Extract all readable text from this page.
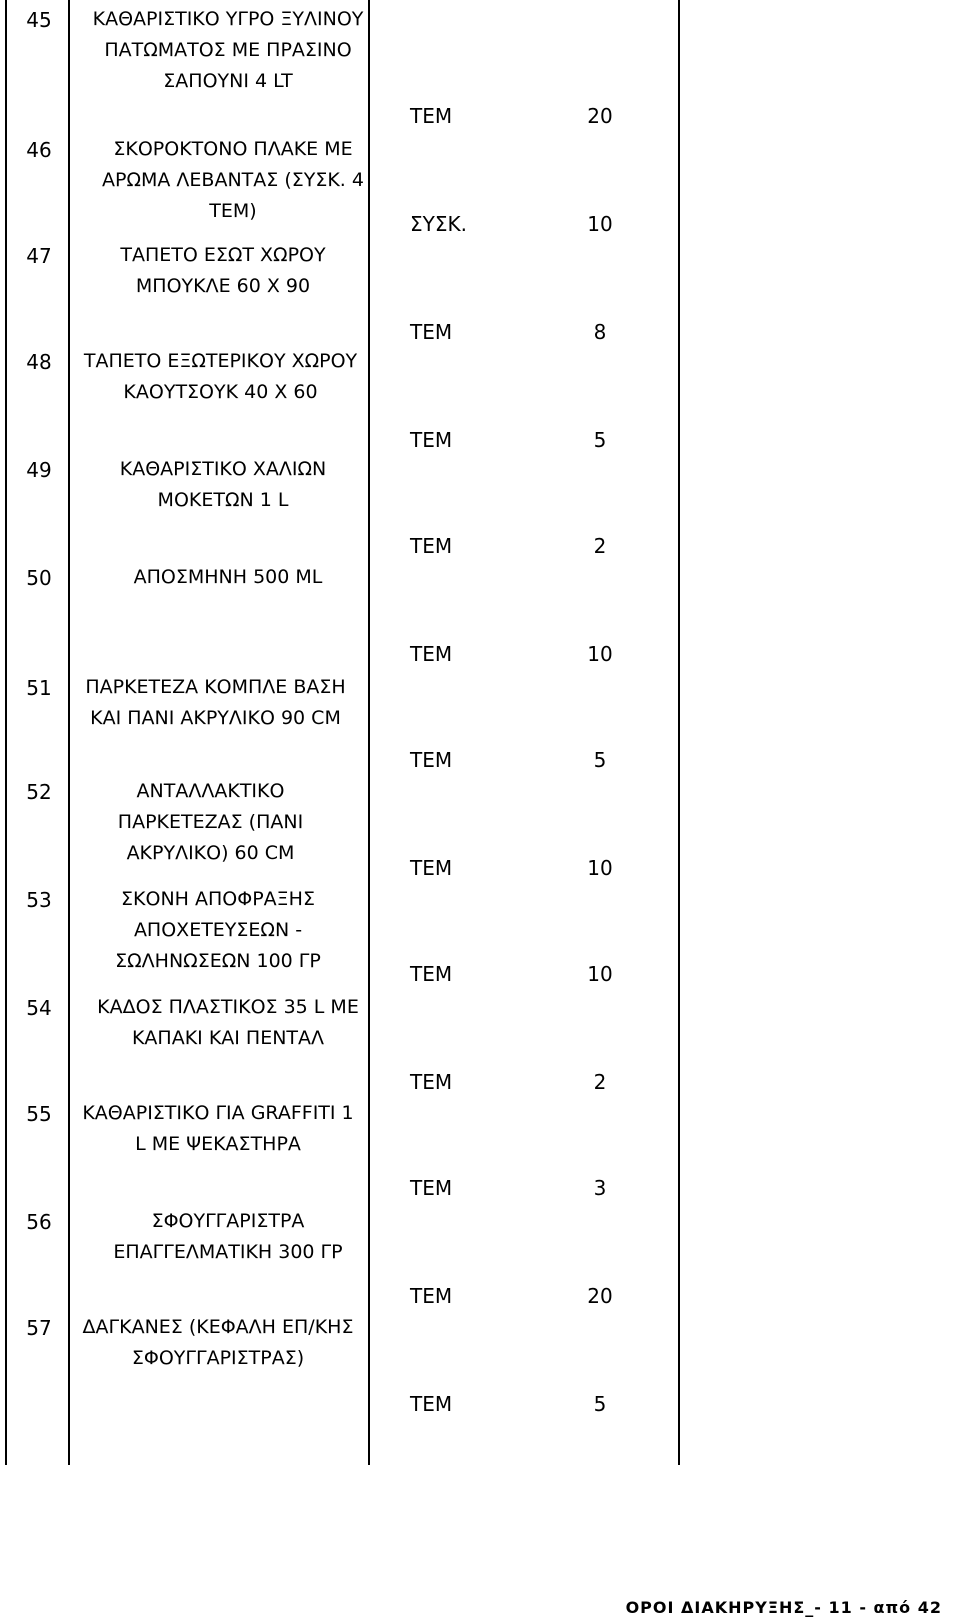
45
46
47
48
49
50
51
52
53
54
55
56
57
ΚΑΘΑΡΙΣΤΙΚΟ ΥΓΡΟ ΞΥΛΙΝΟΥ ΠΑΤΩΜΑΤΟΣ ΜΕ ΠΡΑΣΙΝΟ ΣΑΠΟΥΝΙ 4 LT
ΣΚΟΡΟΚΤΟΝΟ ΠΛΑΚΕ ΜΕ ΑΡΩΜΑ ΛΕΒΑΝΤΑΣ (ΣΥΣΚ. 4 ΤΕΜ)
ΤΑΠΕΤΟ ΕΣΩΤ ΧΩΡΟΥ ΜΠΟΥΚΛΕ 60 Χ 90
ΤΑΠΕΤΟ ΕΞΩΤΕΡΙΚΟΥ ΧΩΡΟΥ ΚΑΟΥΤΣΟΥΚ 40 Χ 60
ΚΑΘΑΡΙΣΤΙΚΟ ΧΑΛΙΩΝ ΜΟΚΕΤΩΝ 1 L
ΑΠΟΣΜΗΝΗ 500 ML
ΠΑΡΚΕΤΕΖΑ ΚΟΜΠΛΕ ΒΑΣΗ ΚΑΙ ΠΑΝΙ ΑΚΡΥΛΙΚΟ 90 CM
ΑΝΤΑΛΛΑΚΤΙΚΟ ΠΑΡΚΕΤΕΖΑΣ (ΠΑΝΙ ΑΚΡΥΛΙΚΟ) 60 CM
ΣΚΟΝΗ ΑΠΟΦΡΑΞΗΣ ΑΠΟΧΕΤΕΥΣΕΩΝ - ΣΩΛΗΝΩΣΕΩΝ 100 ΓΡ
ΚΑΔΟΣ ΠΛΑΣΤΙΚΟΣ 35 L ΜΕ ΚΑΠΑΚΙ ΚΑΙ ΠΕΝΤΑΛ
ΚΑΘΑΡΙΣΤΙΚΟ ΓΙΑ GRAFFITI 1 L ΜΕ ΨΕΚΑΣΤΗΡΑ
ΣΦΟΥΓΓΑΡΙΣΤΡΑ ΕΠΑΓΓΕΛΜΑΤΙΚΗ 300 ΓΡ
ΔΑΓΚΑΝΕΣ (ΚΕΦΑΛΗ ΕΠ/ΚΗΣ ΣΦΟΥΓΓΑΡΙΣΤΡΑΣ)
ΤΕΜ
ΣΥΣΚ.
ΤΕΜ
ΤΕΜ
ΤΕΜ
ΤΕΜ
ΤΕΜ
ΤΕΜ
ΤΕΜ
ΤΕΜ
ΤΕΜ
ΤΕΜ
ΤΕΜ
20
10
8
5
2
10
5
10
10
2
3
20
5
ΟΡΟΙ ΔΙΑΚΗΡΥΞΗΣ_- 11 - από 42
